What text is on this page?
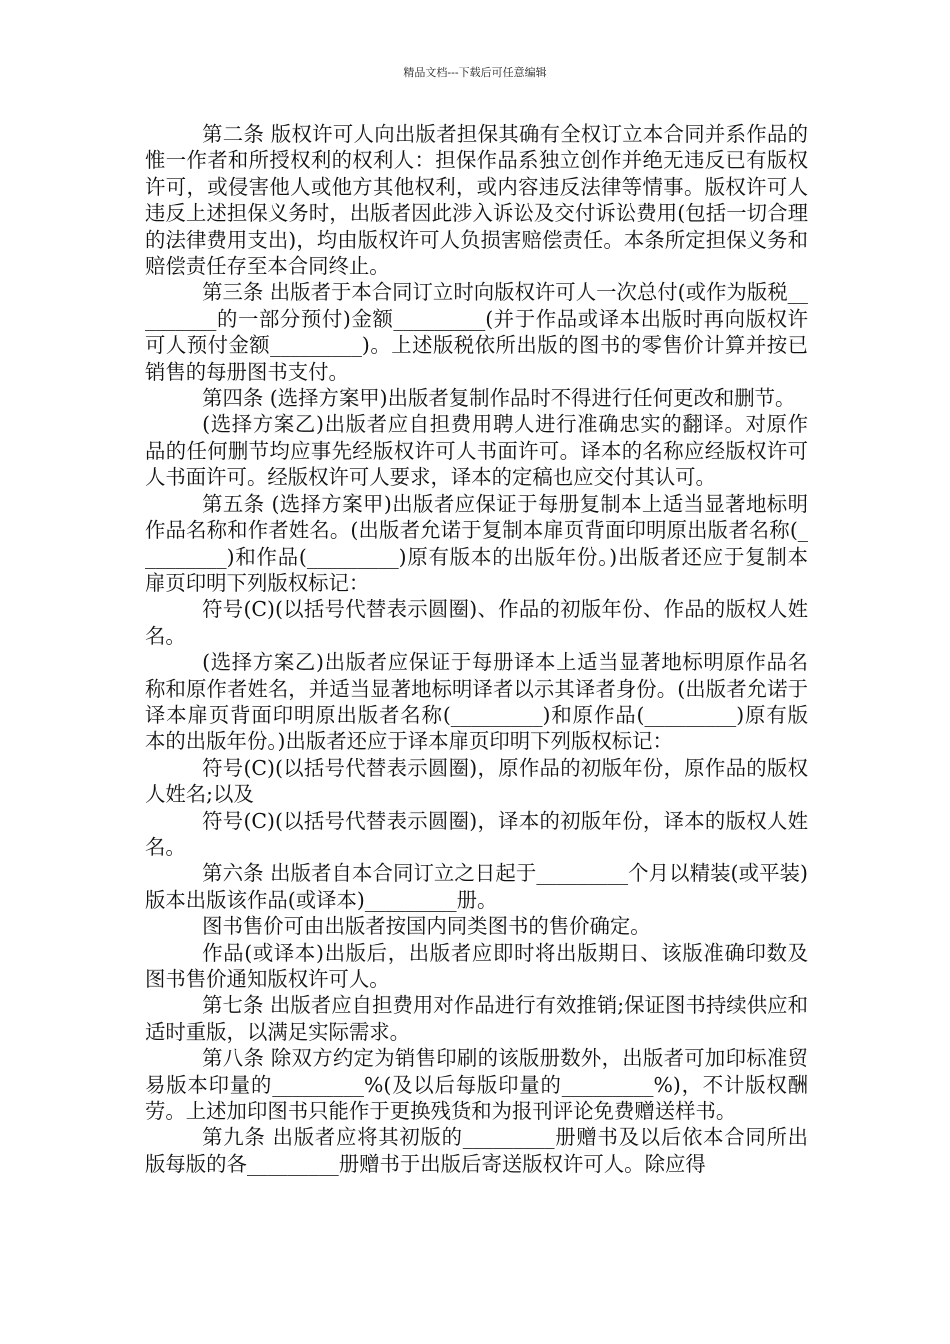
精品文档---下载后可任意编辑

第二条 版权许可人向出版者担保其确有全权订立本合同并系作品的惟一作者和所授权利的权利人：担保作品系独立创作并绝无违反已有版权许可，或侵害他人或他方其他权利，或内容违反法律等情事。版权许可人违反上述担保义务时，出版者因此涉入诉讼及交付诉讼费用(包括一切合理的法律费用支出)，均由版权许可人负损害赔偿责任。本条所定担保义务和赔偿责任存至本合同终止。

第三条 出版者于本合同订立时向版权许可人一次总付(或作为版税_________的一部分预付)金额_________(并于作品或译本出版时再向版权许可人预付金额_________)。上述版税依所出版的图书的零售价计算并按已销售的每册图书支付。

第四条 (选择方案甲)出版者复制作品时不得进行任何更改和删节。

(选择方案乙)出版者应自担费用聘人进行准确忠实的翻译。对原作品的任何删节均应事先经版权许可人书面许可。译本的名称应经版权许可人书面许可。经版权许可人要求，译本的定稿也应交付其认可。

第五条 (选择方案甲)出版者应保证于每册复制本上适当显著地标明作品名称和作者姓名。(出版者允诺于复制本扉页背面印明原出版者名称(_________)和作品(_________)原有版本的出版年份。)出版者还应于复制本扉页印明下列版权标记：

符号(C)(以括号代替表示圆圈)、作品的初版年份、作品的版权人姓名。

(选择方案乙)出版者应保证于每册译本上适当显著地标明原作品名称和原作者姓名，并适当显著地标明译者以示其译者身份。(出版者允诺于译本扉页背面印明原出版者名称(_________)和原作品(_________)原有版本的出版年份。)出版者还应于译本扉页印明下列版权标记：

符号(C)(以括号代替表示圆圈)，原作品的初版年份，原作品的版权人姓名;以及

符号(C)(以括号代替表示圆圈)，译本的初版年份，译本的版权人姓名。

第六条 出版者自本合同订立之日起于_________个月以精装(或平装)版本出版该作品(或译本)_________册。

图书售价可由出版者按国内同类图书的售价确定。

作品(或译本)出版后，出版者应即时将出版期日、该版准确印数及图书售价通知版权许可人。

第七条 出版者应自担费用对作品进行有效推销;保证图书持续供应和适时重版，以满足实际需求。

第八条 除双方约定为销售印刷的该版册数外，出版者可加印标准贸易版本印量的_________%(及以后每版印量的_________%)，不计版权酬劳。上述加印图书只能作于更换残货和为报刊评论免费赠送样书。

第九条 出版者应将其初版的_________册赠书及以后依本合同所出版每版的各_________册赠书于出版后寄送版权许可人。除应得
